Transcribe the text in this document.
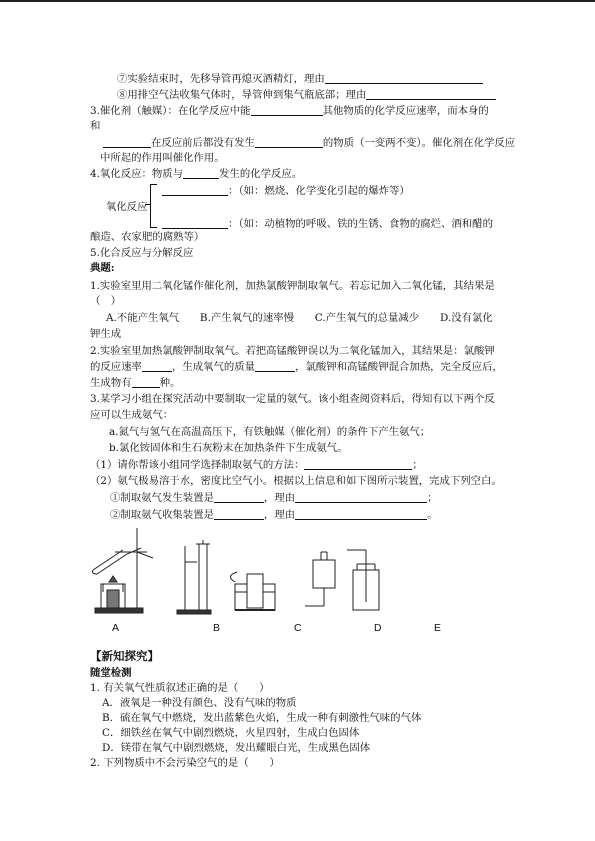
⑦实验结束时，先移导管再熄灭酒精灯，理由
⑧用排空气法收集气体时，导管伸到集气瓶底部；理由
3.催化剂（触媒）：在化学反应中能	其他物质的化学反应速率，而本身的
和
在反应前后都没有发生	的物质（一变两不变）。催化剂在化学反应
中所起的作用叫催化作用。
4.氧化反应：物质与	发生的化学反应。
氧化反应
：（如：燃烧、化学变化引起的爆炸等）
：（如：动植物的呼吸、铁的生锈、食物的腐烂、酒和醋的
酿造、农家肥的腐熟等）
5.化合反应与分解反应
典题:
1.实验室里用二氧化锰作催化剂，加热氯酸钾制取氧气。若忘记加入二氧化锰，其结果是
（　）
A.不能产生氧气　　B.产生氧气的速率慢　　C.产生氧气的总量减少　　D.没有氯化
钾生成
2.实验室里加热氯酸钾制取氧气。若把高锰酸钾误以为二氧化锰加入，其结果是：氯酸钾
的反应速率	，生成氧气的质量	，氯酸钾和高锰酸钾混合加热，完全反应后，
生成物有	种。
3.某学习小组在探究活动中要制取一定量的氨气。该小组查阅资料后，得知有以下两个反
应可以生成氨气：
a.氮气与氢气在高温高压下，有铁触媒（催化剂）的条件下产生氨气；
b.氯化铵固体和生石灰粉末在加热条件下生成氨气。
（1）请你帮该小组同学选择制取氨气的方法：	；
（2）氨气极易溶于水，密度比空气小。根据以上信息和如下图所示装置，完成下列空白。
①制取氨气发生装置是	，理由	；
②制取氨气收集装置是	，理由	。
A	B	C	D	E
【新知探究】
随堂检测
1. 有关氧气性质叙述正确的是（　　）
A．液氧是一种没有颜色、没有气味的物质
B．硫在氧气中燃烧，发出蓝紫色火焰，生成一种有刺激性气味的气体
C．细铁丝在氧气中剧烈燃烧，火星四射，生成白色固体
D．镁带在氧气中剧烈燃烧，发出耀眼白光，生成黑色固体
2. 下列物质中不会污染空气的是（　　）
